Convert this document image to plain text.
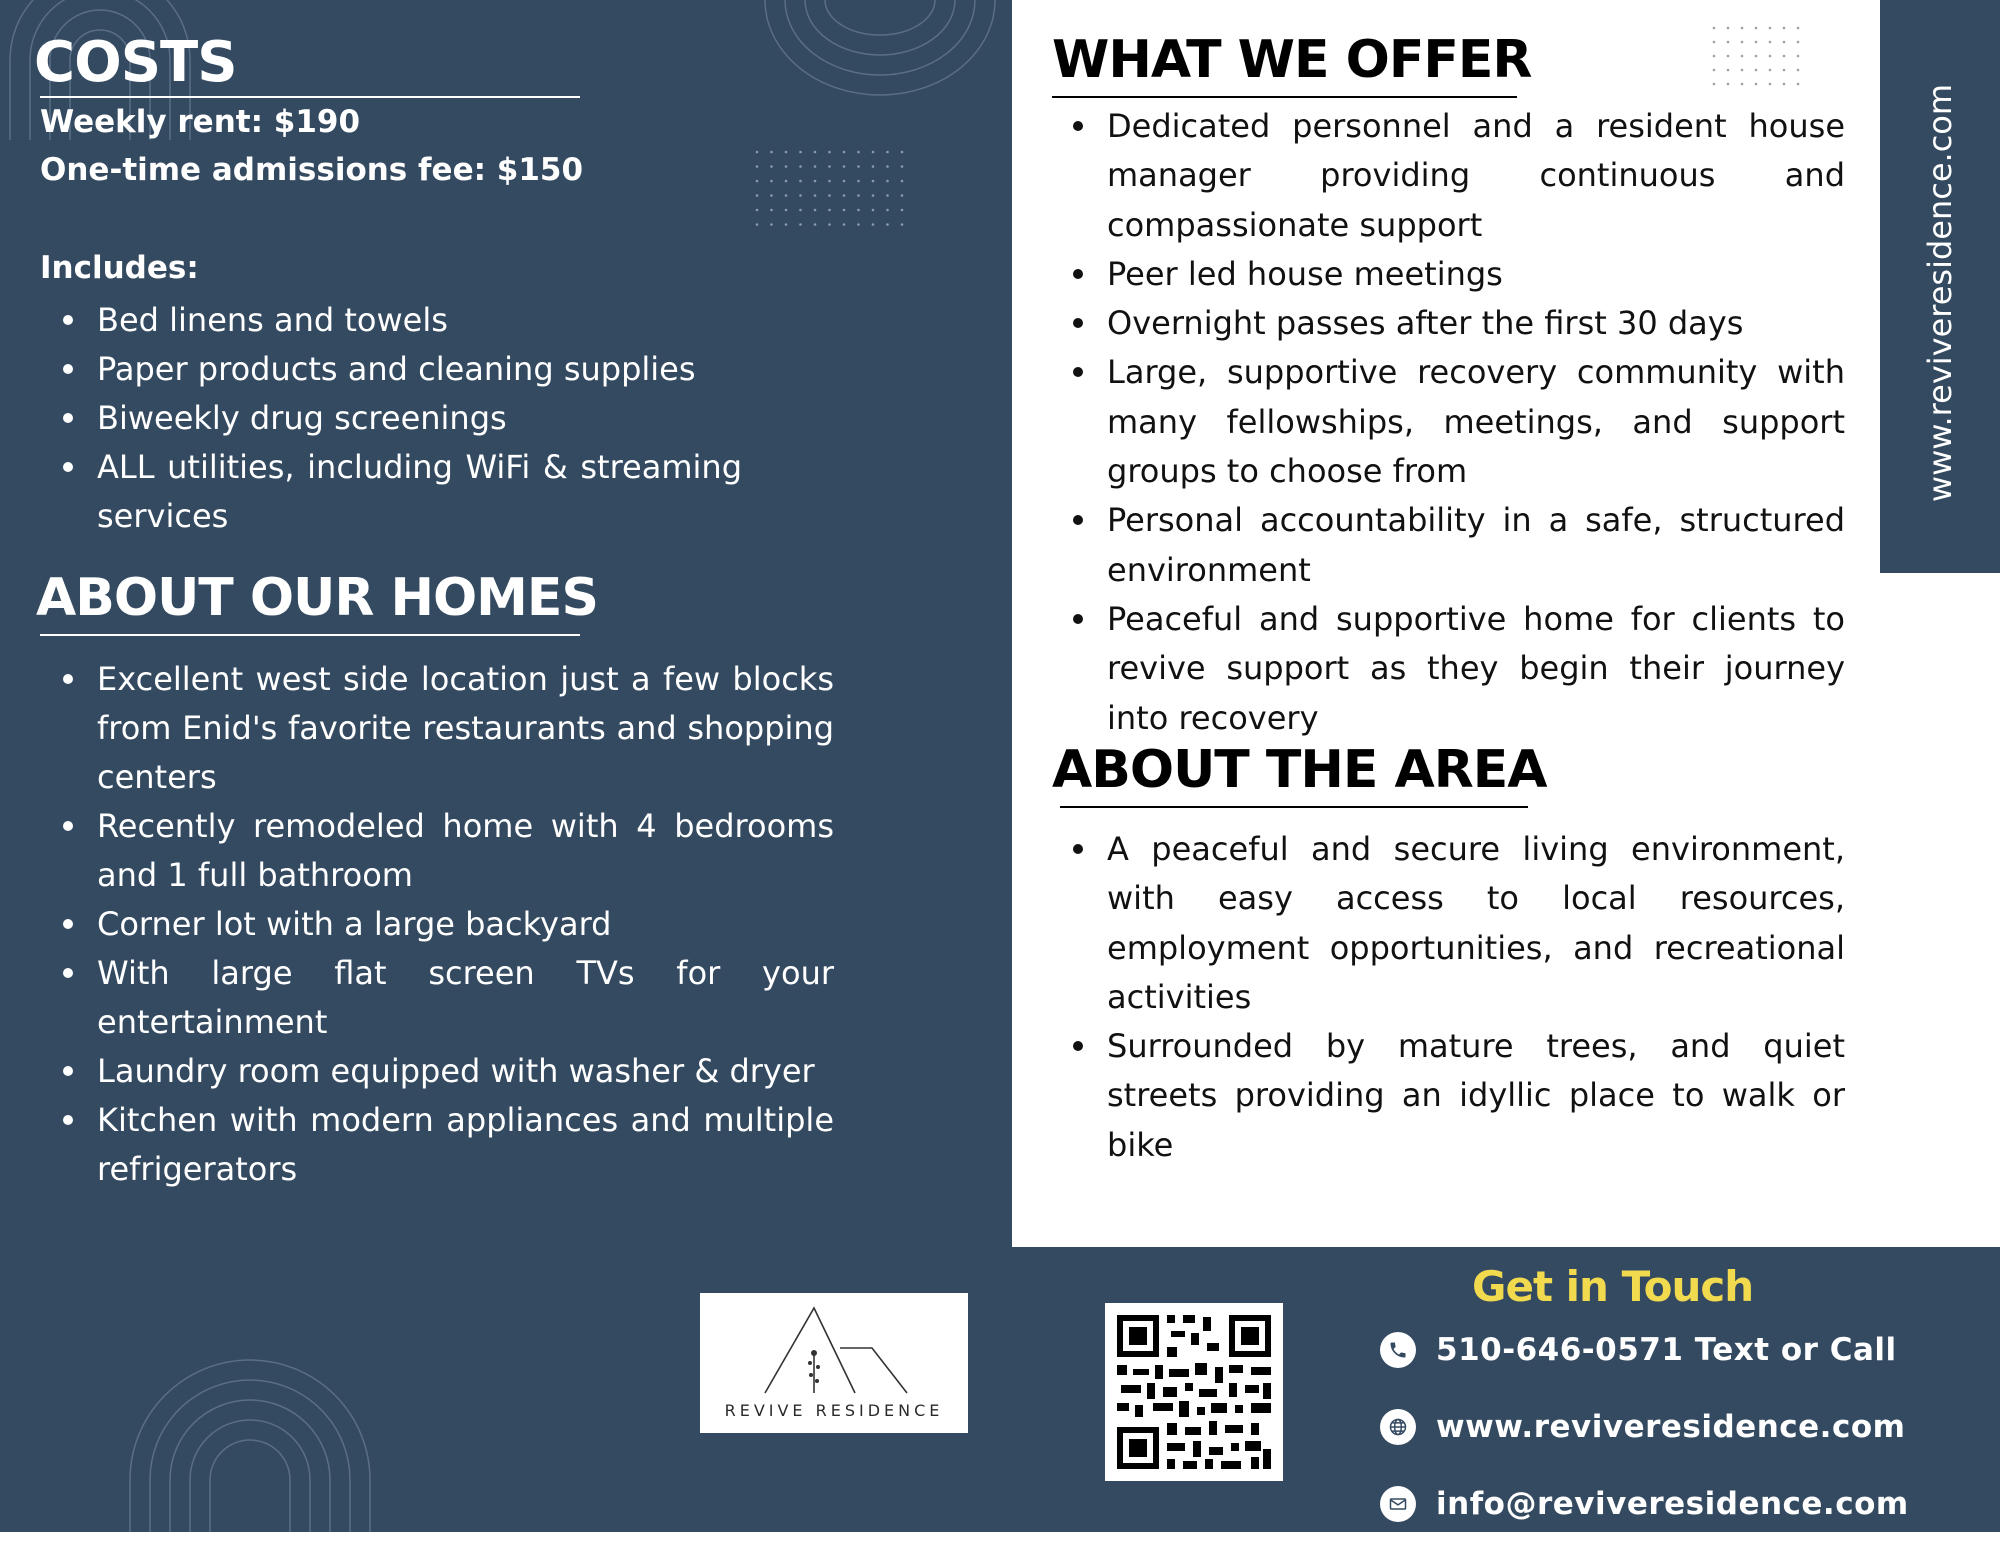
COSTS
Weekly rent: $190
One-time admissions fee: $150
Includes:
Bed linens and towels
Paper products and cleaning supplies
Biweekly drug screenings
ALL utilities, including WiFi & streaming services
ABOUT OUR HOMES
Excellent west side location just a few blocks from Enid's favorite restaurants and shopping centers
Recently remodeled home with 4 bedrooms and 1 full bathroom
Corner lot with a large backyard
With large flat screen TVs for your entertainment
Laundry room equipped with washer & dryer
Kitchen with modern appliances and multiple refrigerators
WHAT WE OFFER
Dedicated personnel and a resident house manager providing continuous and compassionate support
Peer led house meetings
Overnight passes after the first 30 days
Large, supportive recovery community with many fellowships, meetings, and support groups to choose from
Personal accountability in a safe, structured environment
Peaceful and supportive home for clients to revive support as they begin their journey into recovery
ABOUT THE AREA
A peaceful and secure living environment, with easy access to local resources, employment opportunities, and recreational activities
Surrounded by mature trees, and quiet streets providing an idyllic place to walk or bike
www.reviveresidence.com
REVIVE RESIDENCE
Get in Touch
510-646-0571 Text or Call
www.reviveresidence.com
info@reviveresidence.com
